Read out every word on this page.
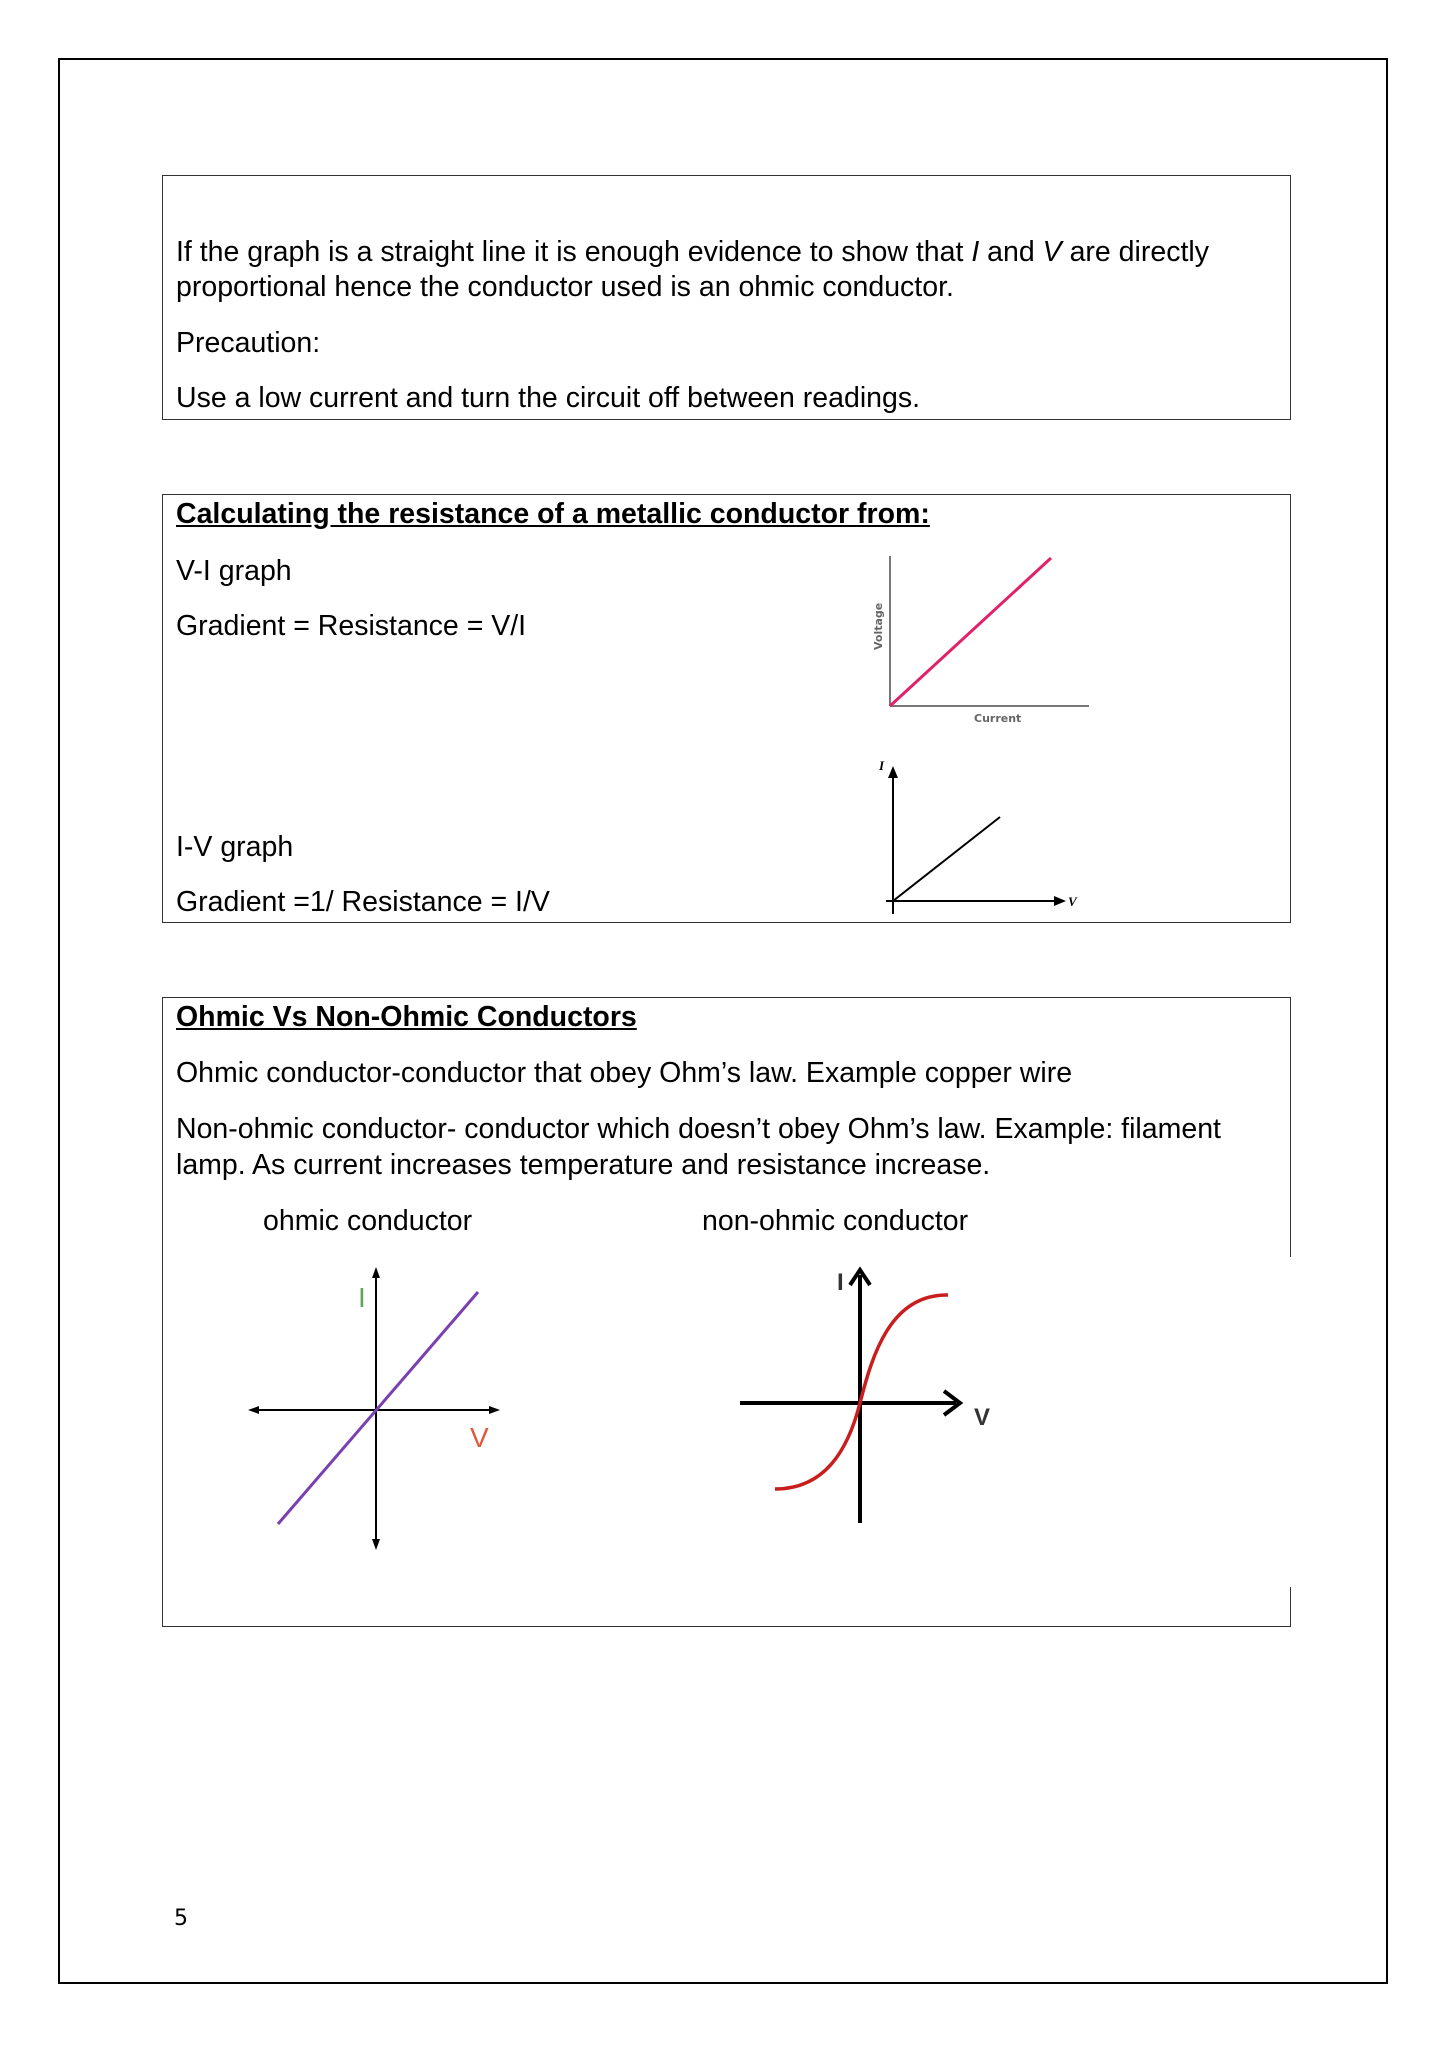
If the graph is a straight line it is enough evidence to show that I and V are directly
proportional hence the conductor used is an ohmic conductor.
Precaution:
Use a low current and turn the circuit off between readings.
Calculating the resistance of a metallic conductor from:
V-I graph
Gradient = Resistance = V/I
I-V graph
Gradient =1/ Resistance = I/V
Voltage
Current
I
V
Ohmic Vs Non-Ohmic Conductors
Ohmic conductor-conductor that obey Ohm’s law. Example copper wire
Non-ohmic conductor- conductor which doesn’t obey Ohm’s law. Example: filament
lamp. As current increases temperature and resistance increase.
ohmic conductor	non-ohmic conductor
I
V
I
V
5
